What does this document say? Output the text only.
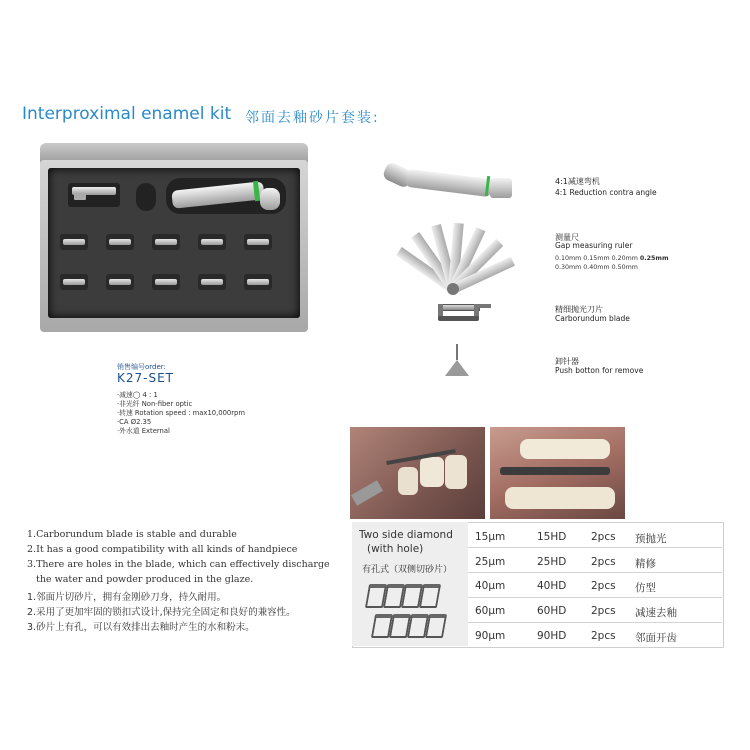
Interproximal enamel kit 邻面去釉砂片套装:
销售编号order:
K27-SET
·减速◯ 4 : 1
·非光纤 Non-fiber optic
·转速 Rotation speed : max10,000rpm
·CA Ø2.35
·外水道 External
4:1减速弯机
4:1 Reduction contra angle
测量尺
Gap measuring ruler
0.10mm 0.15mm 0.20mm 0.25mm
0.30mm 0.40mm 0.50mm
精细抛光刀片
Carborundum blade
卸针器
Push botton for remove
1.Carborundum blade is stable and durable
2.It has a good compatibility with all kinds of handpiece
3.There are holes in the blade, which can effectively discharge
the water and powder produced in the glaze.
1.邻面片切砂片，拥有金刚砂刀身，持久耐用。
2.采用了更加牢固的锁扣式设计,保持完全固定和良好的兼容性。
3.砂片上有孔，可以有效排出去釉时产生的水和粉末。
Two side diamond
(with hole)
有孔式（双侧切砂片）
15μm	15HD 2pcs 预抛光
25μm	25HD 2pcs 精修
40μm	40HD 2pcs 仿型
60μm	60HD 2pcs 减速去釉
90μm	90HD 2pcs 邻面开齿
